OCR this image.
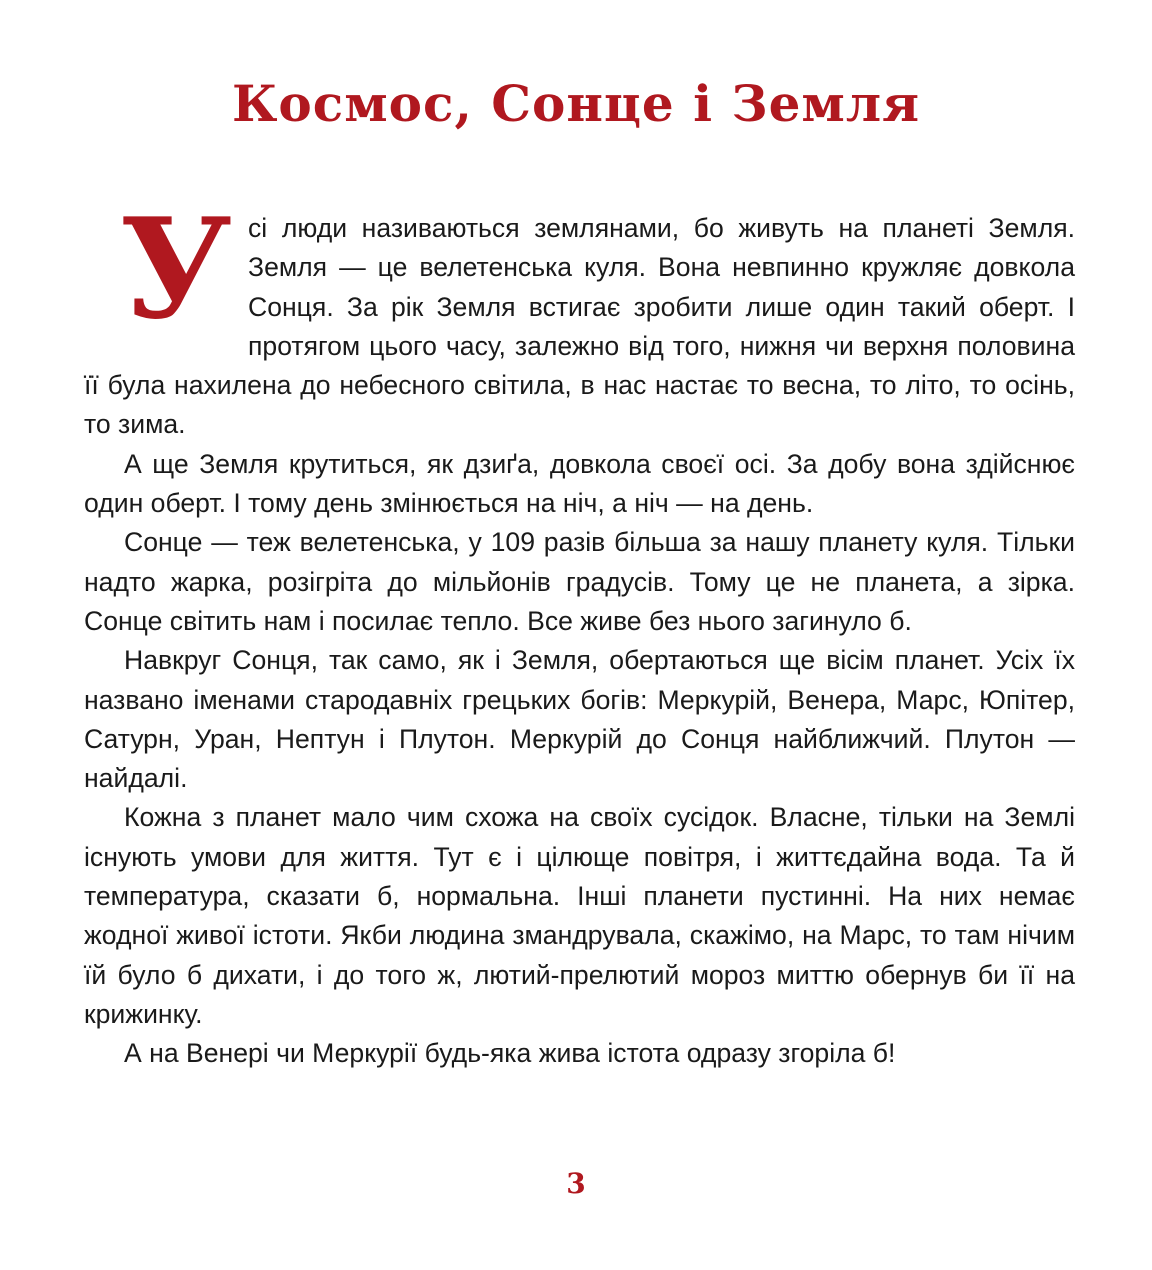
Космос, Сонце і Земля

Усі люди називаються землянами, бо живуть на планеті Земля. Земля — це велетенська куля. Вона невпинно кружляє довкола Сонця. За рік Земля встигає зробити лише один такий оберт. І протягом цього часу, залежно від того, нижня чи верхня половина її була нахилена до небесного світила, в нас настає то весна, то літо, то осінь, то зима.

А ще Земля крутиться, як дзиґа, довкола своєї осі. За добу вона здійснює один оберт. І тому день змінюється на ніч, а ніч — на день.

Сонце — теж велетенська, у 109 разів більша за нашу планету куля. Тільки надто жарка, розігріта до мільйонів градусів. Тому це не планета, а зірка. Сонце світить нам і посилає тепло. Все живе без нього загинуло б.

Навкруг Сонця, так само, як і Земля, обертаються ще вісім планет. Усіх їх названо іменами стародавніх грецьких богів: Меркурій, Венера, Марс, Юпітер, Сатурн, Уран, Нептун і Плутон. Меркурій до Сонця найближчий. Плутон — найдалі.

Кожна з планет мало чим схожа на своїх сусідок. Власне, тільки на Землі існують умови для життя. Тут є і цілюще повітря, і життєдайна вода. Та й температура, сказати б, нормальна. Інші планети пустинні. На них немає жодної живої істоти. Якби людина змандрувала, скажімо, на Марс, то там нічим їй було б дихати, і до того ж, лютий-прелютий мороз миттю обернув би її на крижинку.

А на Венері чи Меркурії будь-яка жива істота одразу згоріла б!

3
